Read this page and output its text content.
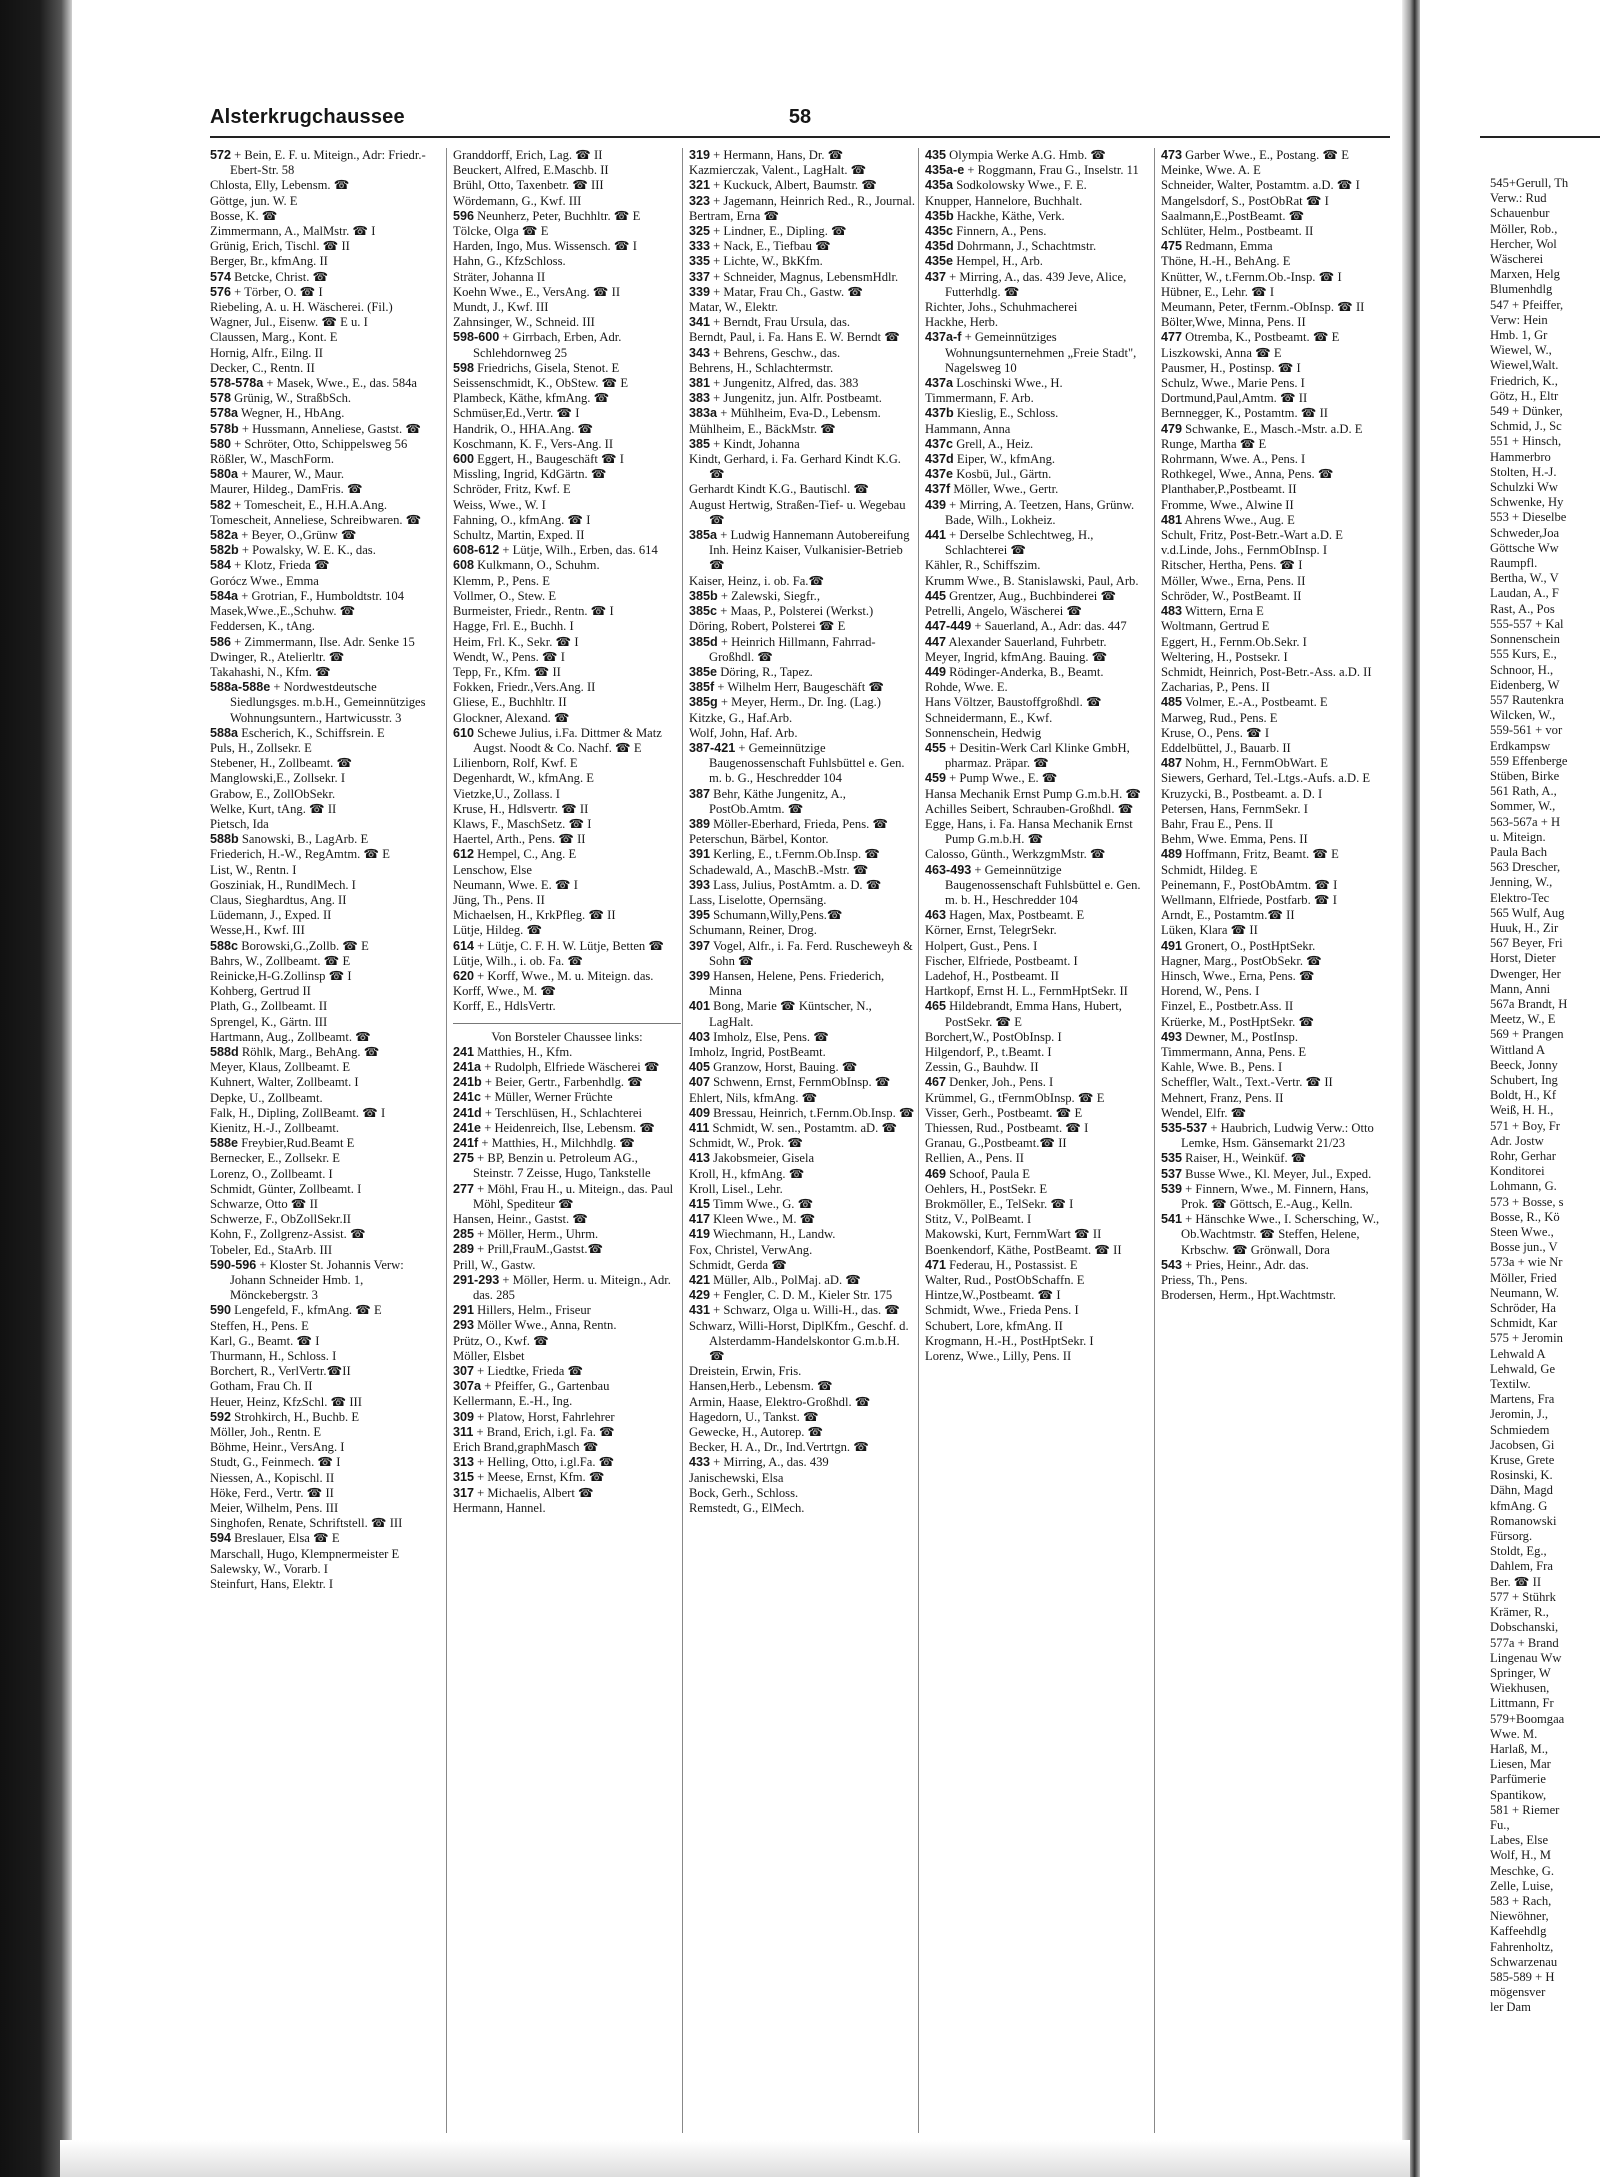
Alsterkrugchaussee	58
572 + Bein, E. F. u. Miteign., Adr: Friedr.-Ebert-Str. 58
Chlosta, Elly, Lebensm. ☎
Göttge, jun. W. E
Bosse, K. ☎
Zimmermann, A., MalMstr. ☎ I
Grünig, Erich, Tischl. ☎ II
Berger, Br., kfmAng. II
574 Betcke, Christ. ☎
576 + Törber, O. ☎ I
Riebeling, A. u. H. Wäscherei. (Fil.)
Wagner, Jul., Eisenw. ☎ E u. I
Claussen, Marg., Kont. E
Hornig, Alfr., Eilng. II
Decker, C., Rentn. II
578-578a + Masek, Wwe., E., das. 584a
578 Grünig, W., StraßbSch.
578a Wegner, H., HbAng.
578b + Hussmann, Anneliese, Gastst. ☎
580 + Schröter, Otto, Schippelsweg 56
Rößler, W., MaschForm.
580a + Maurer, W., Maur.
Maurer, Hildeg., DamFris. ☎
582 + Tomescheit, E., H.H.A.Ang.
Tomescheit, Anneliese, Schreibwaren. ☎
582a + Beyer, O.,Grünw ☎
582b + Powalsky, W. E. K., das.
584 + Klotz, Frieda ☎
Gorócz Wwe., Emma
584a + Grotrian, F., Humboldtstr. 104
Masek,Wwe.,E.,Schuhw. ☎
Feddersen, K., tAng.
586 + Zimmermann, Ilse. Adr. Senke 15
Dwinger, R., Atelierltr. ☎
Takahashi, N., Kfm. ☎
588a-588e + Nordwestdeutsche Siedlungsges. m.b.H., Gemeinnütziges Wohnungsuntern., Hartwicusstr. 3
588a Escherich, K., Schiffsrein. E
Puls, H., Zollsekr. E
Stebener, H., Zollbeamt. ☎
Manglowski,E., Zollsekr. I
Grabow, E., ZollObSekr.
Welke, Kurt, tAng. ☎ II
Pietsch, Ida
588b Sanowski, B., LagArb. E
Friederich, H.-W., RegAmtm. ☎ E
List, W., Rentn. I
Gosziniak, H., RundlMech. I
Claus, Sieghardtus, Ang. II
Lüdemann, J., Exped. II
Wesse,H., Kwf. III
588c Borowski,G.,Zollb. ☎ E
Bahrs, W., Zollbeamt. ☎ E
Reinicke,H-G.Zollinsp ☎ I
Kohberg, Gertrud II
Plath, G., Zollbeamt. II
Sprengel, K., Gärtn. III
Hartmann, Aug., Zollbeamt. ☎
588d Röhlk, Marg., BehAng. ☎
Meyer, Klaus, Zollbeamt. E
Kuhnert, Walter, Zollbeamt. I
Depke, U., Zollbeamt.
Falk, H., Dipling, ZollBeamt. ☎ I
Kienitz, H.-J., Zollbeamt.
588e Freybier,Rud.Beamt E
Bernecker, E., Zollsekr. E
Lorenz, O., Zollbeamt. I
Schmidt, Günter, Zollbeamt. I
Schwarze, Otto ☎ II
Schwerze, F., ObZollSekr.II
Kohn, F., Zollgrenz-Assist. ☎
Tobeler, Ed., StaArb. III
590-596 + Kloster St. Johannis Verw: Johann Schneider Hmb. 1, Mönckebergstr. 3
590 Lengefeld, F., kfmAng. ☎ E
Steffen, H., Pens. E
Karl, G., Beamt. ☎ I
Thurmann, H., Schloss. I
Borchert, R., VerlVertr.☎II
Gotham, Frau Ch. II
Heuer, Heinz, KfzSchl. ☎ III
592 Strohkirch, H., Buchb. E
Möller, Joh., Rentn. E
Böhme, Heinr., VersAng. I
Studt, G., Feinmech. ☎ I
Niessen, A., Kopischl. II
Höke, Ferd., Vertr. ☎ II
Meier, Wilhelm, Pens. III
Singhofen, Renate, Schriftstell. ☎ III
594 Breslauer, Elsa ☎ E
Marschall, Hugo, Klempnermeister E
Salewsky, W., Vorarb. I
Steinfurt, Hans, Elektr. I
Granddorff, Erich, Lag. ☎ II
Beuckert, Alfred, E.Maschb. II
Brühl, Otto, Taxenbetr. ☎ III
Wördemann, G., Kwf. III
596 Neunherz, Peter, Buchhltr. ☎ E
Tölcke, Olga ☎ E
Harden, Ingo, Mus. Wissensch. ☎ I
Hahn, G., KfzSchloss.
Sträter, Johanna II
Koehn Wwe., E., VersAng. ☎ II
Mundt, J., Kwf. III
Zahnsinger, W., Schneid. III
598-600 + Girrbach, Erben, Adr. Schlehdornweg 25
598 Friedrichs, Gisela, Stenot. E
Seissenschmidt, K., ObStew. ☎ E
Plambeck, Käthe, kfmAng. ☎
Schmüser,Ed.,Vertr. ☎ I
Handrik, O., HHA.Ang. ☎
Koschmann, K. F., Vers-Ang. II
600 Eggert, H., Baugeschäft ☎ I
Missling, Ingrid, KdGärtn. ☎
Schröder, Fritz, Kwf. E
Weiss, Wwe., W. I
Fahning, O., kfmAng. ☎ I
Schultz, Martin, Exped. II
608-612 + Lütje, Wilh., Erben, das. 614
608 Kulkmann, O., Schuhm.
Klemm, P., Pens. E
Vollmer, O., Stew. E
Burmeister, Friedr., Rentn. ☎ I
Hagge, Frl. E., Buchh. I
Heim, Frl. K., Sekr. ☎ I
Wendt, W., Pens. ☎ I
Tepp, Fr., Kfm. ☎ II
Fokken, Friedr.,Vers.Ang. II
Gliese, E., Buchhltr. II
Glockner, Alexand. ☎
610 Schewe Julius, i.Fa. Dittmer & Matz Augst. Noodt & Co. Nachf. ☎ E
Lilienborn, Rolf, Kwf. E
Degenhardt, W., kfmAng. E
Vietzke,U., Zollass. I
Kruse, H., Hdlsvertr. ☎ II
Klaws, F., MaschSetz. ☎ I
Haertel, Arth., Pens. ☎ II
612 Hempel, C., Ang. E
Lenschow, Else
Neumann, Wwe. E. ☎ I
Jüng, Th., Pens. II
Michaelsen, H., KrkPfleg. ☎ II
Lütje, Hildeg. ☎
614 + Lütje, C. F. H. W. Lütje, Betten ☎
Lütje, Wilh., i. ob. Fa. ☎
620 + Korff, Wwe., M. u. Miteign. das.
Korff, Wwe., M. ☎
Korff, E., HdlsVertr.
Von Borsteler Chaussee links:
241 Matthies, H., Kfm.
241a + Rudolph, Elfriede Wäscherei ☎
241b + Beier, Gertr., Farbenhdlg. ☎
241c + Müller, Werner Früchte
241d + Terschlüsen, H., Schlachterei
241e + Heidenreich, Ilse, Lebensm. ☎
241f + Matthies, H., Milchhdlg. ☎
275 + BP, Benzin u. Petroleum AG., Steinstr. 7 Zeisse, Hugo, Tankstelle
277 + Möhl, Frau H., u. Miteign., das. Paul Möhl, Spediteur ☎
Hansen, Heinr., Gastst. ☎
285 + Möller, Herm., Uhrm.
289 + Prill,FrauM.,Gastst.☎
Prill, W., Gastw.
291-293 + Möller, Herm. u. Miteign., Adr. das. 285
291 Hillers, Helm., Friseur
293 Möller Wwe., Anna, Rentn.
Prütz, O., Kwf. ☎
Möller, Elsbet
307 + Liedtke, Frieda ☎
307a + Pfeiffer, G., Gartenbau
Kellermann, E.-H., Ing.
309 + Platow, Horst, Fahrlehrer
311 + Brand, Erich, i.gl. Fa. ☎
Erich Brand,graphMasch ☎
313 + Helling, Otto, i.gl.Fa. ☎
315 + Meese, Ernst, Kfm. ☎
317 + Michaelis, Albert ☎
Hermann, Hannel.
319 + Hermann, Hans, Dr. ☎
Kazmierczak, Valent., LagHalt. ☎
321 + Kuckuck, Albert, Baumstr. ☎
323 + Jagemann, Heinrich Red., R., Journal.
Bertram, Erna ☎
325 + Lindner, E., Dipling. ☎
333 + Nack, E., Tiefbau ☎
335 + Lichte, W., BkKfm.
337 + Schneider, Magnus, LebensmHdlr.
339 + Matar, Frau Ch., Gastw. ☎
Matar, W., Elektr.
341 + Berndt, Frau Ursula, das.
Berndt, Paul, i. Fa. Hans E. W. Berndt ☎
343 + Behrens, Geschw., das.
Behrens, H., Schlachtermstr.
381 + Jungenitz, Alfred, das. 383
383 + Jungenitz, jun. Alfr. Postbeamt.
383a + Mühlheim, Eva-D., Lebensm.
Mühlheim, E., BäckMstr. ☎
385 + Kindt, Johanna
Kindt, Gerhard, i. Fa. Gerhard Kindt K.G. ☎
Gerhardt Kindt K.G., Bautischl. ☎
August Hertwig, Straßen-Tief- u. Wegebau ☎
385a + Ludwig Hannemann Autobereifung Inh. Heinz Kaiser, Vulkanisier-Betrieb ☎
Kaiser, Heinz, i. ob. Fa.☎
385b + Zalewski, Siegfr.,
385c + Maas, P., Polsterei (Werkst.)
Döring, Robert, Polsterei ☎ E
385d + Heinrich Hillmann, Fahrrad-Großhdl. ☎
385e Döring, R., Tapez.
385f + Wilhelm Herr, Baugeschäft ☎
385g + Meyer, Herm., Dr. Ing. (Lag.)
Kitzke, G., Haf.Arb.
Wolf, John, Haf. Arb.
387-421 + Gemeinnützige Baugenossenschaft Fuhlsbüttel e. Gen. m. b. G., Heschredder 104
387 Behr, Käthe Jungenitz, A., PostOb.Amtm. ☎
389 Möller-Eberhard, Frieda, Pens. ☎
Peterschun, Bärbel, Kontor.
391 Kerling, E., t.Fernm.Ob.Insp. ☎
Schadewald, A., MaschB.-Mstr. ☎
393 Lass, Julius, PostAmtm. a. D. ☎
Lass, Liselotte, Opernsäng.
395 Schumann,Willy,Pens.☎
Schumann, Reiner, Drog.
397 Vogel, Alfr., i. Fa. Ferd. Ruscheweyh & Sohn ☎
399 Hansen, Helene, Pens. Friederich, Minna
401 Bong, Marie ☎ Küntscher, N., LagHalt.
403 Imholz, Else, Pens. ☎
Imholz, Ingrid, PostBeamt.
405 Granzow, Horst, Bauing. ☎
407 Schwenn, Ernst, FernmObInsp. ☎
Ehlert, Nils, kfmAng. ☎
409 Bressau, Heinrich, t.Fernm.Ob.Insp. ☎
411 Schmidt, W. sen., Postamtm. aD. ☎
Schmidt, W., Prok. ☎
413 Jakobsmeier, Gisela
Kroll, H., kfmAng. ☎
Kroll, Lisel., Lehr.
415 Timm Wwe., G. ☎
417 Kleen Wwe., M. ☎
419 Wiechmann, H., Landw.
Fox, Christel, VerwAng.
Schmidt, Gerda ☎
421 Müller, Alb., PolMaj. aD. ☎
429 + Fengler, C. D. M., Kieler Str. 175
431 + Schwarz, Olga u. Willi-H., das. ☎
Schwarz, Willi-Horst, DiplKfm., Geschf. d. Alsterdamm-Handelskontor G.m.b.H. ☎
Dreistein, Erwin, Fris.
Hansen,Herb., Lebensm. ☎
Armin, Haase, Elektro-Großhdl. ☎
Hagedorn, U., Tankst. ☎
Gewecke, H., Autorep. ☎
Becker, H. A., Dr., Ind.Vertrtgn. ☎
433 + Mirring, A., das. 439
Janischewski, Elsa
Bock, Gerh., Schloss.
Remstedt, G., ElMech.
435 Olympia Werke A.G. Hmb. ☎
435a-e + Roggmann, Frau G., Inselstr. 11
435a Sodkolowsky Wwe., F. E.
Knupper, Hannelore, Buchhalt.
435b Hackhe, Käthe, Verk.
435c Finnern, A., Pens.
435d Dohrmann, J., Schachtmstr.
435e Hempel, H., Arb.
437 + Mirring, A., das. 439 Jeve, Alice, Futterhdlg. ☎
Richter, Johs., Schuhmacherei
Hackhe, Herb.
437a-f + Gemeinnütziges Wohnungsunternehmen „Freie Stadt", Nagelsweg 10
437a Loschinski Wwe., H.
Timmermann, F. Arb.
437b Kieslig, E., Schloss.
Hammann, Anna
437c Grell, A., Heiz.
437d Eiper, W., kfmAng.
437e Kosbü, Jul., Gärtn.
437f Möller, Wwe., Gertr.
439 + Mirring, A. Teetzen, Hans, Grünw. Bade, Wilh., Lokheiz.
441 + Derselbe Schlechtweg, H., Schlachterei ☎
Kähler, R., Schiffszim.
Krumm Wwe., B. Stanislawski, Paul, Arb.
445 Grentzer, Aug., Buchbinderei ☎
Petrelli, Angelo, Wäscherei ☎
447-449 + Sauerland, A., Adr: das. 447
447 Alexander Sauerland, Fuhrbetr.
Meyer, Ingrid, kfmAng. Bauing. ☎
449 Rödinger-Anderka, B., Beamt.
Rohde, Wwe. E.
Hans Völtzer, Baustoffgroßhdl. ☎
Schneidermann, E., Kwf.
Sonnenschein, Hedwig
455 + Desitin-Werk Carl Klinke GmbH, pharmaz. Präpar. ☎
459 + Pump Wwe., E. ☎
Hansa Mechanik Ernst Pump G.m.b.H. ☎
Achilles Seibert, Schrauben-Großhdl. ☎
Egge, Hans, i. Fa. Hansa Mechanik Ernst Pump G.m.b.H. ☎
Calosso, Günth., WerkzgmMstr. ☎
463-493 + Gemeinnützige Baugenossenschaft Fuhlsbüttel e. Gen. m. b. H., Heschredder 104
463 Hagen, Max, Postbeamt. E
Körner, Ernst, TelegrSekr.
Holpert, Gust., Pens. I
Fischer, Elfriede, Postbeamt. I
Ladehof, H., Postbeamt. II
Hartkopf, Ernst H. L., FernmHptSekr. II
465 Hildebrandt, Emma Hans, Hubert, PostSekr. ☎ E
Borchert,W., PostObInsp. I
Hilgendorf, P., t.Beamt. I
Zessin, G., Bauhdw. II
467 Denker, Joh., Pens. I
Krümmel, G., tFernmObInsp. ☎ E
Visser, Gerh., Postbeamt. ☎ E
Thiessen, Rud., Postbeamt. ☎ I
Granau, G.,Postbeamt.☎ II
Rellien, A., Pens. II
469 Schoof, Paula E
Oehlers, H., PostSekr. E
Brokmöller, E., TelSekr. ☎ I
Stitz, V., PolBeamt. I
Makowski, Kurt, FernmWart ☎ II
Boenkendorf, Käthe, PostBeamt. ☎ II
471 Federau, H., Postassist. E
Walter, Rud., PostObSchaffn. E
Hintze,W.,Postbeamt. ☎ I
Schmidt, Wwe., Frieda Pens. I
Schubert, Lore, kfmAng. II
Krogmann, H.-H., PostHptSekr. I
Lorenz, Wwe., Lilly, Pens. II
473 Garber Wwe., E., Postang. ☎ E
Meinke, Wwe. A. E
Schneider, Walter, Postamtm. a.D. ☎ I
Mangelsdorf, S., PostObRat ☎ I
Saalmann,E.,PostBeamt. ☎
Schlüter, Helm., Postbeamt. II
475 Redmann, Emma
Thöne, H.-H., BehAng. E
Knütter, W., t.Fernm.Ob.-Insp. ☎ I
Hübner, E., Lehr. ☎ I
Meumann, Peter, tFernm.-ObInsp. ☎ II
Bölter,Wwe, Minna, Pens. II
477 Otremba, K., Postbeamt. ☎ E
Liszkowski, Anna ☎ E
Pausmer, H., Postinsp. ☎ I
Schulz, Wwe., Marie Pens. I
Dortmund,Paul,Amtm. ☎ II
Bernnegger, K., Postamtm. ☎ II
479 Schwanke, E., Masch.-Mstr. a.D. E
Runge, Martha ☎ E
Rohrmann, Wwe. A., Pens. I
Rothkegel, Wwe., Anna, Pens. ☎
Planthaber,P.,Postbeamt. II
Fromme, Wwe., Alwine II
481 Ahrens Wwe., Aug. E
Schult, Fritz, Post-Betr.-Wart a.D. E
v.d.Linde, Johs., FernmObInsp. I
Ritscher, Hertha, Pens. ☎ I
Möller, Wwe., Erna, Pens. II
Schröder, W., PostBeamt. II
483 Wittern, Erna E
Woltmann, Gertrud E
Eggert, H., Fernm.Ob.Sekr. I
Weltering, H., Postsekr. I
Schmidt, Heinrich, Post-Betr.-Ass. a.D. II
Zacharias, P., Pens. II
485 Volmer, E.-A., Postbeamt. E
Marweg, Rud., Pens. E
Kruse, O., Pens. ☎ I
Eddelbüttel, J., Bauarb. II
487 Nohm, H., FernmObWart. E
Siewers, Gerhard, Tel.-Ltgs.-Aufs. a.D. E
Kruzycki, B., Postbeamt. a. D. I
Petersen, Hans, FernmSekr. I
Bahr, Frau E., Pens. II
Behm, Wwe. Emma, Pens. II
489 Hoffmann, Fritz, Beamt. ☎ E
Schmidt, Hildeg. E
Peinemann, F., PostObAmtm. ☎ I
Wellmann, Elfriede, Postfarb. ☎ I
Arndt, E., Postamtm.☎ II
Lüken, Klara ☎ II
491 Gronert, O., PostHptSekr.
Hagner, Marg., PostObSekr. ☎
Hinsch, Wwe., Erna, Pens. ☎
Horend, W., Pens. I
Finzel, E., Postbetr.Ass. II
Krüerke, M., PostHptSekr. ☎
493 Dewner, M., PostInsp.
Timmermann, Anna, Pens. E
Kahle, Wwe. B., Pens. I
Scheffler, Walt., Text.-Vertr. ☎ II
Mehnert, Franz, Pens. II
Wendel, Elfr. ☎
535-537 + Haubrich, Ludwig Verw.: Otto Lemke, Hsm. Gänsemarkt 21/23
535 Raiser, H., Weinküf. ☎
537 Busse Wwe., Kl. Meyer, Jul., Exped.
539 + Finnern, Wwe., M. Finnern, Hans, Prok. ☎ Göttsch, E.-Aug., Kelln.
541 + Hänschke Wwe., I. Schersching, W., Ob.Wachtmstr. ☎ Steffen, Helene, Krbschw. ☎ Grönwall, Dora
543 + Pries, Heinr., Adr. das.
Priess, Th., Pens.
Brodersen, Herm., Hpt.Wachtmstr.
545+Gerull, Th
Verw.: Rud
Schauenbur
Möller, Rob.,
Hercher, Wol
Wäscherei
Marxen, Helg
Blumenhdlg
547 + Pfeiffer,
Verw: Hein
Hmb. 1, Gr
Wiewel, W.,
Wiewel,Walt.
Friedrich, K.,
Götz, H., Eltr
549 + Dünker,
Schmid, J., Sc
551 + Hinsch,
Hammerbro
Stolten, H.-J.
Schulzki Ww
Schwenke, Hy
553 + Dieselbe
Schweder,Joa
Göttsche Ww
Raumpfl.
Bertha, W., V
Laudan, A., F
Rast, A., Pos
555-557 + Kal
Sonnenschein
555 Kurs, E.,
Schnoor, H.,
Eidenberg, W
557 Rautenkra
Wilcken, W.,
559-561 + vor
Erdkampsw
559 Effenberge
Stüben, Birke
561 Rath, A.,
Sommer, W.,
563-567a + H
u. Miteign.
Paula Bach
563 Drescher,
Jenning, W.,
Elektro-Tec
565 Wulf, Aug
Huuk, H., Zir
567 Beyer, Fri
Horst, Dieter
Dwenger, Her
Mann, Anni
567a Brandt, H
Meetz, W., E
569 + Prangen
Wittland A
Beeck, Jonny
Schubert, Ing
Boldt, H., Kf
Weiß, H. H.,
571 + Boy, Fr
Adr. Jostw
Rohr, Gerhar
Konditorei
Lohmann, G.
573 + Bosse, s
Bosse, R., Kö
Steen Wwe.,
Bosse jun., V
573a + wie Nr
Möller, Fried
Neumann, W.
Schröder, Ha
Schmidt, Kar
575 + Jeromin
Lehwald A
Lehwald, Ge
Textilw.
Martens, Fra
Jeromin, J.,
Schmiedem
Jacobsen, Gi
Kruse, Grete
Rosinski, K.
Dähn, Magd
kfmAng. G
Romanowski
Fürsorg.
Stoldt, Eg.,
Dahlem, Fra
Ber. ☎ II
577 + Stührk
Krämer, R.,
Dobschanski,
577a + Brand
Lingenau Ww
Springer, W
Wiekhusen,
Littmann, Fr
579+Boomgaa
Wwe. M.
Harlaß, M.,
Liesen, Mar
Parfümerie
Spantikow,
581 + Riemer
Fu.,
Labes, Else
Wolf, H., M
Meschke, G.
Zelle, Luise,
583 + Rach,
Niewöhner,
Kaffeehdlg
Fahrenholtz,
Schwarzenau
585-589 + H
mögensver
ler Dam
